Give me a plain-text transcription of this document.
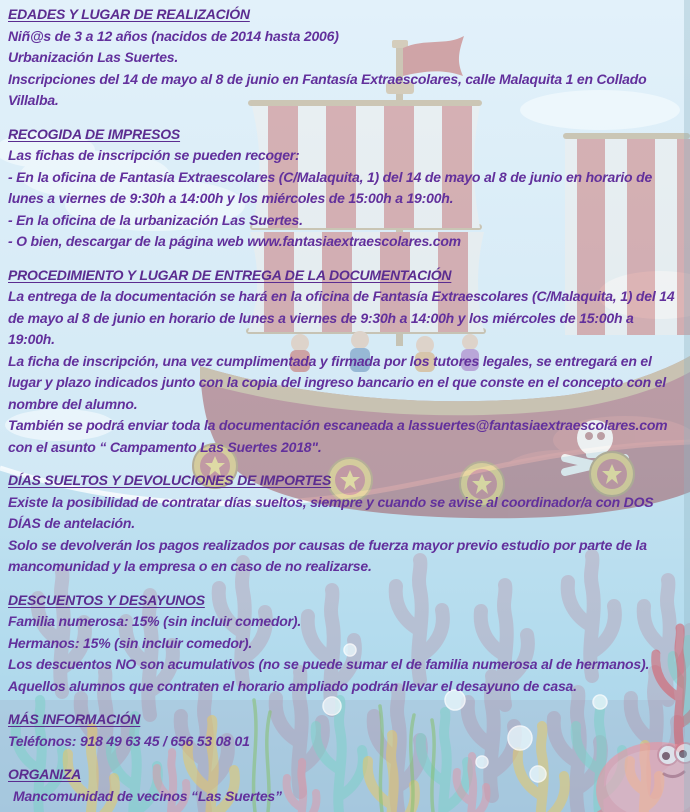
EDADES Y LUGAR DE REALIZACIÓN
Niñ@s de 3 a 12 años (nacidos de 2014 hasta 2006)
Urbanización Las Suertes.
Inscripciones del 14 de mayo al 8 de junio en Fantasía Extraescolares, calle Malaquita 1 en Collado Villalba.
RECOGIDA DE IMPRESOS
Las fichas de inscripción se pueden recoger:
- En la oficina de Fantasía Extraescolares (C/Malaquita, 1) del 14 de mayo al 8 de junio en horario de lunes a viernes de 9:30h a 14:00h y los miércoles de 15:00h a 19:00h.
- En la oficina de la urbanización Las Suertes.
- O bien, descargar de la página web www.fantasiaextraescolares.com
PROCEDIMIENTO Y LUGAR DE ENTREGA DE LA DOCUMENTACIÓN
La entrega de la documentación se hará en la oficina de Fantasía Extraescolares (C/Malaquita, 1) del 14 de mayo al 8 de junio en horario de lunes a viernes de 9:30h a 14:00h y los miércoles de 15:00h a 19:00h.
La ficha de inscripción, una vez cumplimentada y firmada por los tutores legales, se entregará en el lugar y plazo indicados junto con la copia del ingreso bancario en el que conste en el concepto con el nombre del alumno.
También se podrá enviar toda la documentación escaneada a lassuertes@fantasiaextraescolares.com con el asunto “ Campamento Las Suertes 2018".
DÍAS SUELTOS Y DEVOLUCIONES DE IMPORTES
Existe la posibilidad de contratar días sueltos, siempre y cuando se avise al coordinador/a con DOS DÍAS de antelación.
Solo se devolverán los pagos realizados por causas de fuerza mayor previo estudio por parte de la mancomunidad y la empresa o en caso de no realizarse.
DESCUENTOS Y DESAYUNOS
Familia numerosa: 15% (sin incluir comedor).
Hermanos: 15% (sin incluir comedor).
Los descuentos NO son acumulativos (no se puede sumar el de familia numerosa al de hermanos).
Aquellos alumnos que contraten el horario ampliado podrán llevar el desayuno de casa.
MÁS INFORMACIÓN
Teléfonos: 918 49 63 45 / 656 53 08 01
ORGANIZA
Mancomunidad de vecinos “Las Suertes”
